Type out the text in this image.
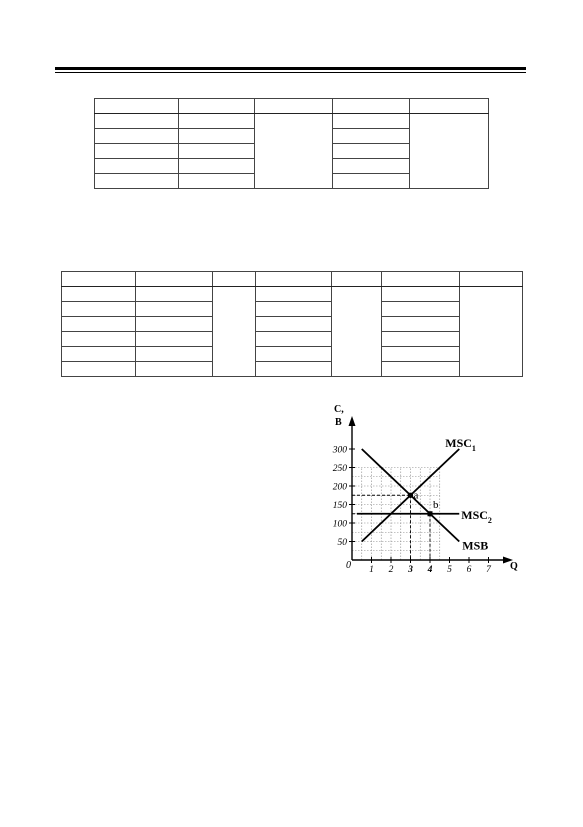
C,
B
Q
0
50
100
150
200
250
300
1 2 3 4 5 6 7
a
b
$MSC_1$
$MSC_2$
MSB
